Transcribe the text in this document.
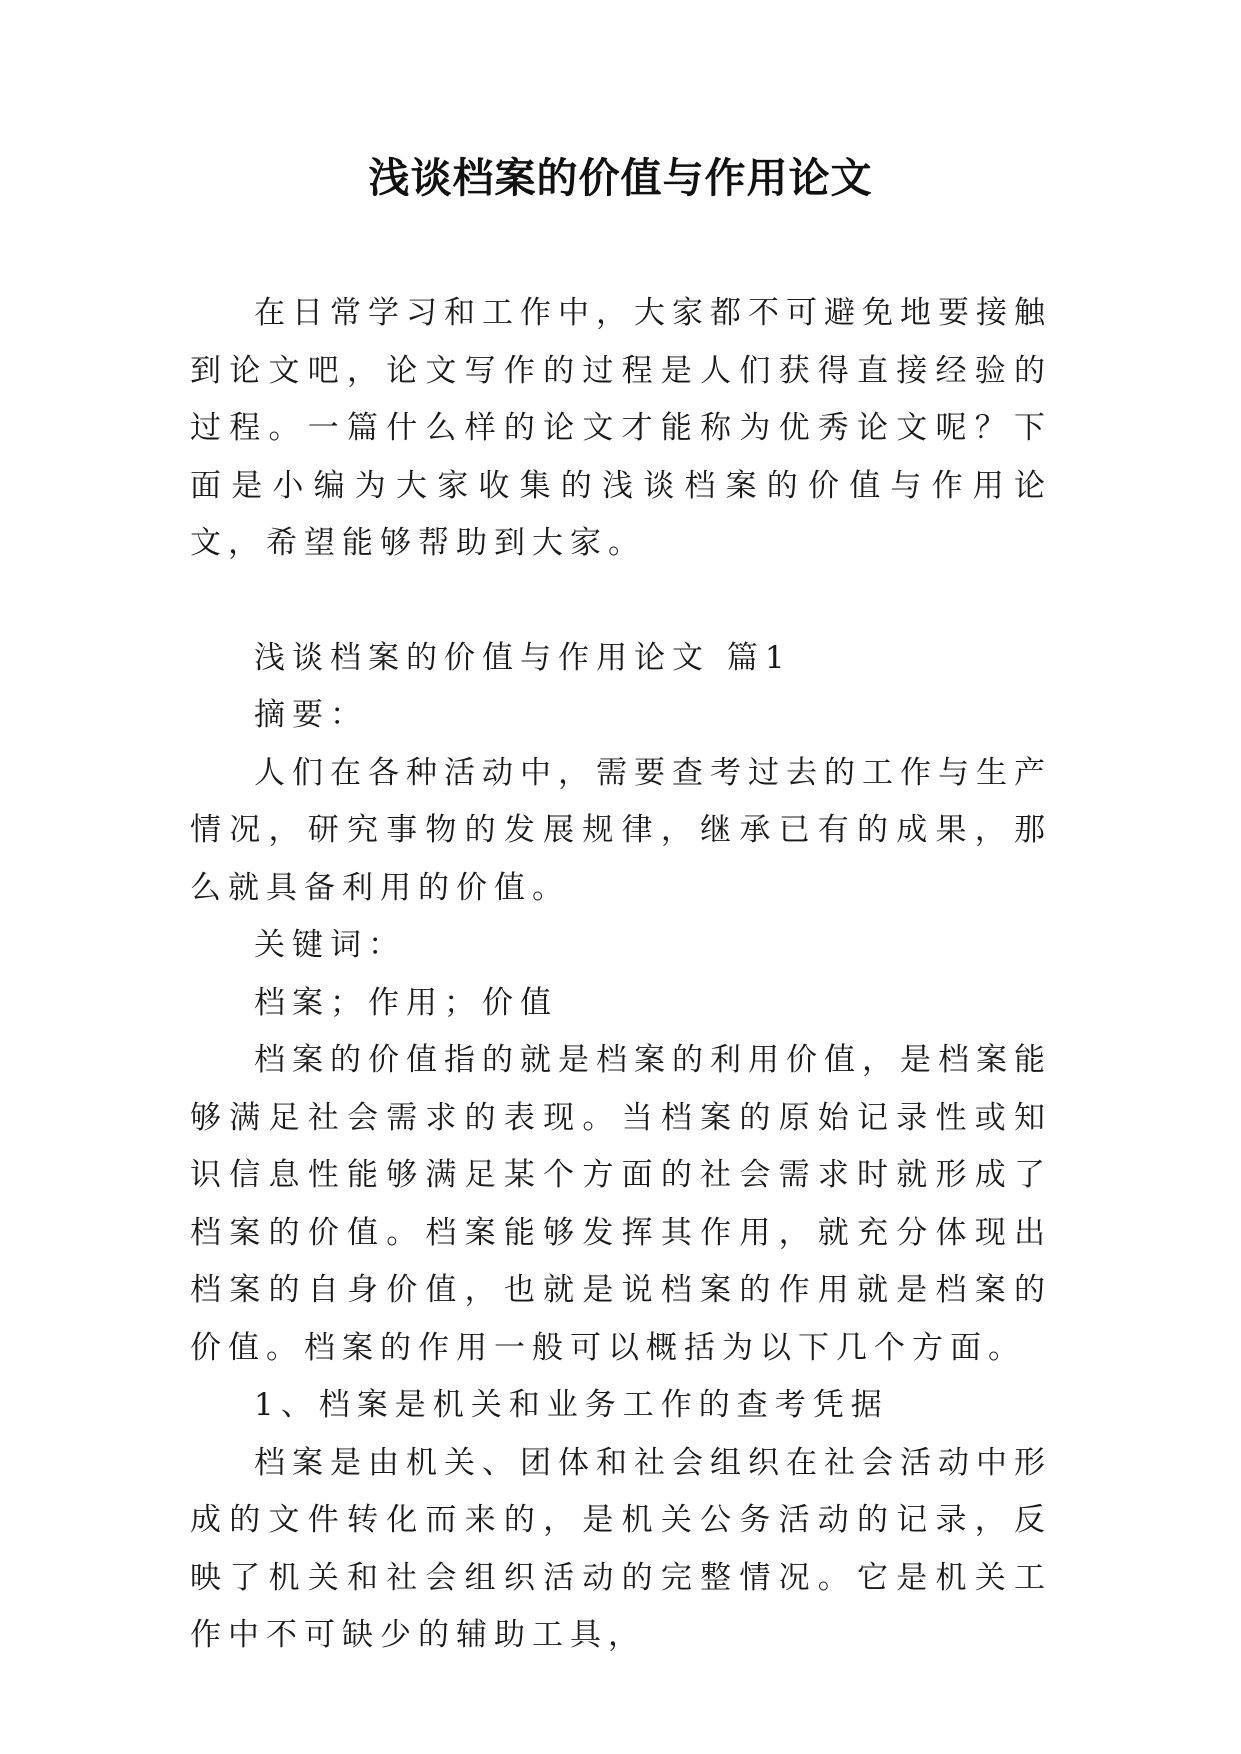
浅谈档案的价值与作用论文

在日常学习和工作中，大家都不可避免地要接触到论文吧，论文写作的过程是人们获得直接经验的过程。一篇什么样的论文才能称为优秀论文呢？下面是小编为大家收集的浅谈档案的价值与作用论文，希望能够帮助到大家。

浅谈档案的价值与作用论文 篇1

摘要：

人们在各种活动中，需要查考过去的工作与生产情况，研究事物的发展规律，继承已有的成果，那么就具备利用的价值。

关键词：

档案；作用；价值

档案的价值指的就是档案的利用价值，是档案能够满足社会需求的表现。当档案的原始记录性或知识信息性能够满足某个方面的社会需求时就形成了档案的价值。档案能够发挥其作用，就充分体现出档案的自身价值，也就是说档案的作用就是档案的价值。档案的作用一般可以概括为以下几个方面。

1、档案是机关和业务工作的查考凭据

档案是由机关、团体和社会组织在社会活动中形成的文件转化而来的，是机关公务活动的记录，反映了机关和社会组织活动的完整情况。它是机关工作中不可缺少的辅助工具，
